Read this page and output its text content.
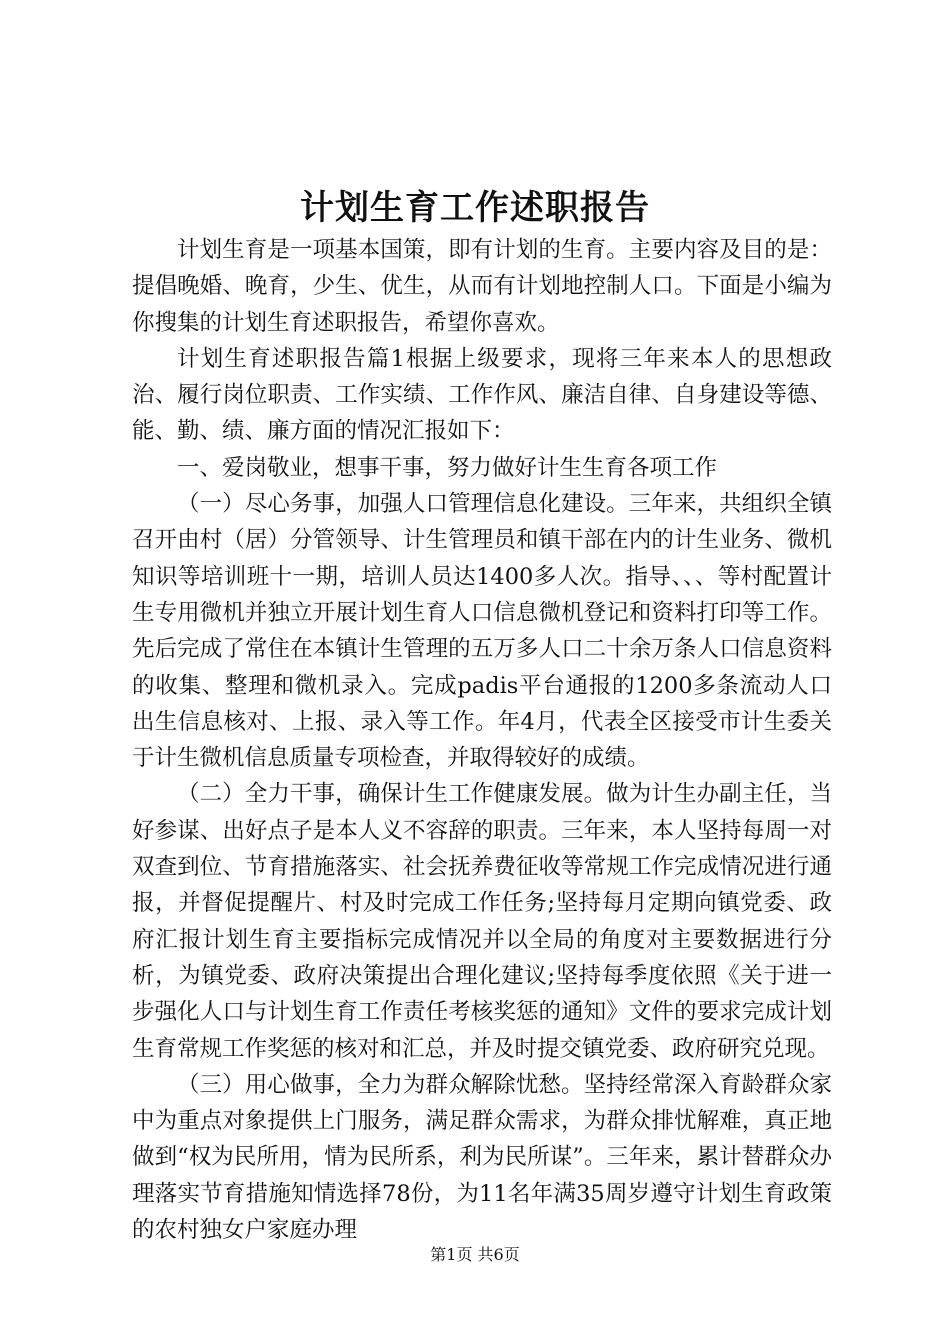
计划生育工作述职报告

计划生育是一项基本国策，即有计划的生育。主要内容及目的是：提倡晚婚、晚育，少生、优生，从而有计划地控制人口。下面是小编为你搜集的计划生育述职报告，希望你喜欢。

计划生育述职报告篇1根据上级要求，现将三年来本人的思想政治、履行岗位职责、工作实绩、工作作风、廉洁自律、自身建设等德、能、勤、绩、廉方面的情况汇报如下：

一、爱岗敬业，想事干事，努力做好计生生育各项工作

（一）尽心务事，加强人口管理信息化建设。三年来，共组织全镇召开由村（居）分管领导、计生管理员和镇干部在内的计生业务、微机知识等培训班十一期，培训人员达1400多人次。指导、、、等村配置计生专用微机并独立开展计划生育人口信息微机登记和资料打印等工作。先后完成了常住在本镇计生管理的五万多人口二十余万条人口信息资料的收集、整理和微机录入。完成padis平台通报的1200多条流动人口出生信息核对、上报、录入等工作。年4月，代表全区接受市计生委关于计生微机信息质量专项检查，并取得较好的成绩。

（二）全力干事，确保计生工作健康发展。做为计生办副主任，当好参谋、出好点子是本人义不容辞的职责。三年来，本人坚持每周一对双查到位、节育措施落实、社会抚养费征收等常规工作完成情况进行通报，并督促提醒片、村及时完成工作任务;坚持每月定期向镇党委、政府汇报计划生育主要指标完成情况并以全局的角度对主要数据进行分析，为镇党委、政府决策提出合理化建议;坚持每季度依照《关于进一步强化人口与计划生育工作责任考核奖惩的通知》文件的要求完成计划生育常规工作奖惩的核对和汇总，并及时提交镇党委、政府研究兑现。

（三）用心做事，全力为群众解除忧愁。坚持经常深入育龄群众家中为重点对象提供上门服务，满足群众需求，为群众排忧解难，真正地做到“权为民所用，情为民所系，利为民所谋”。三年来，累计替群众办理落实节育措施知情选择78份，为11名年满35周岁遵守计划生育政策的农村独女户家庭办理

第1页 共6页
